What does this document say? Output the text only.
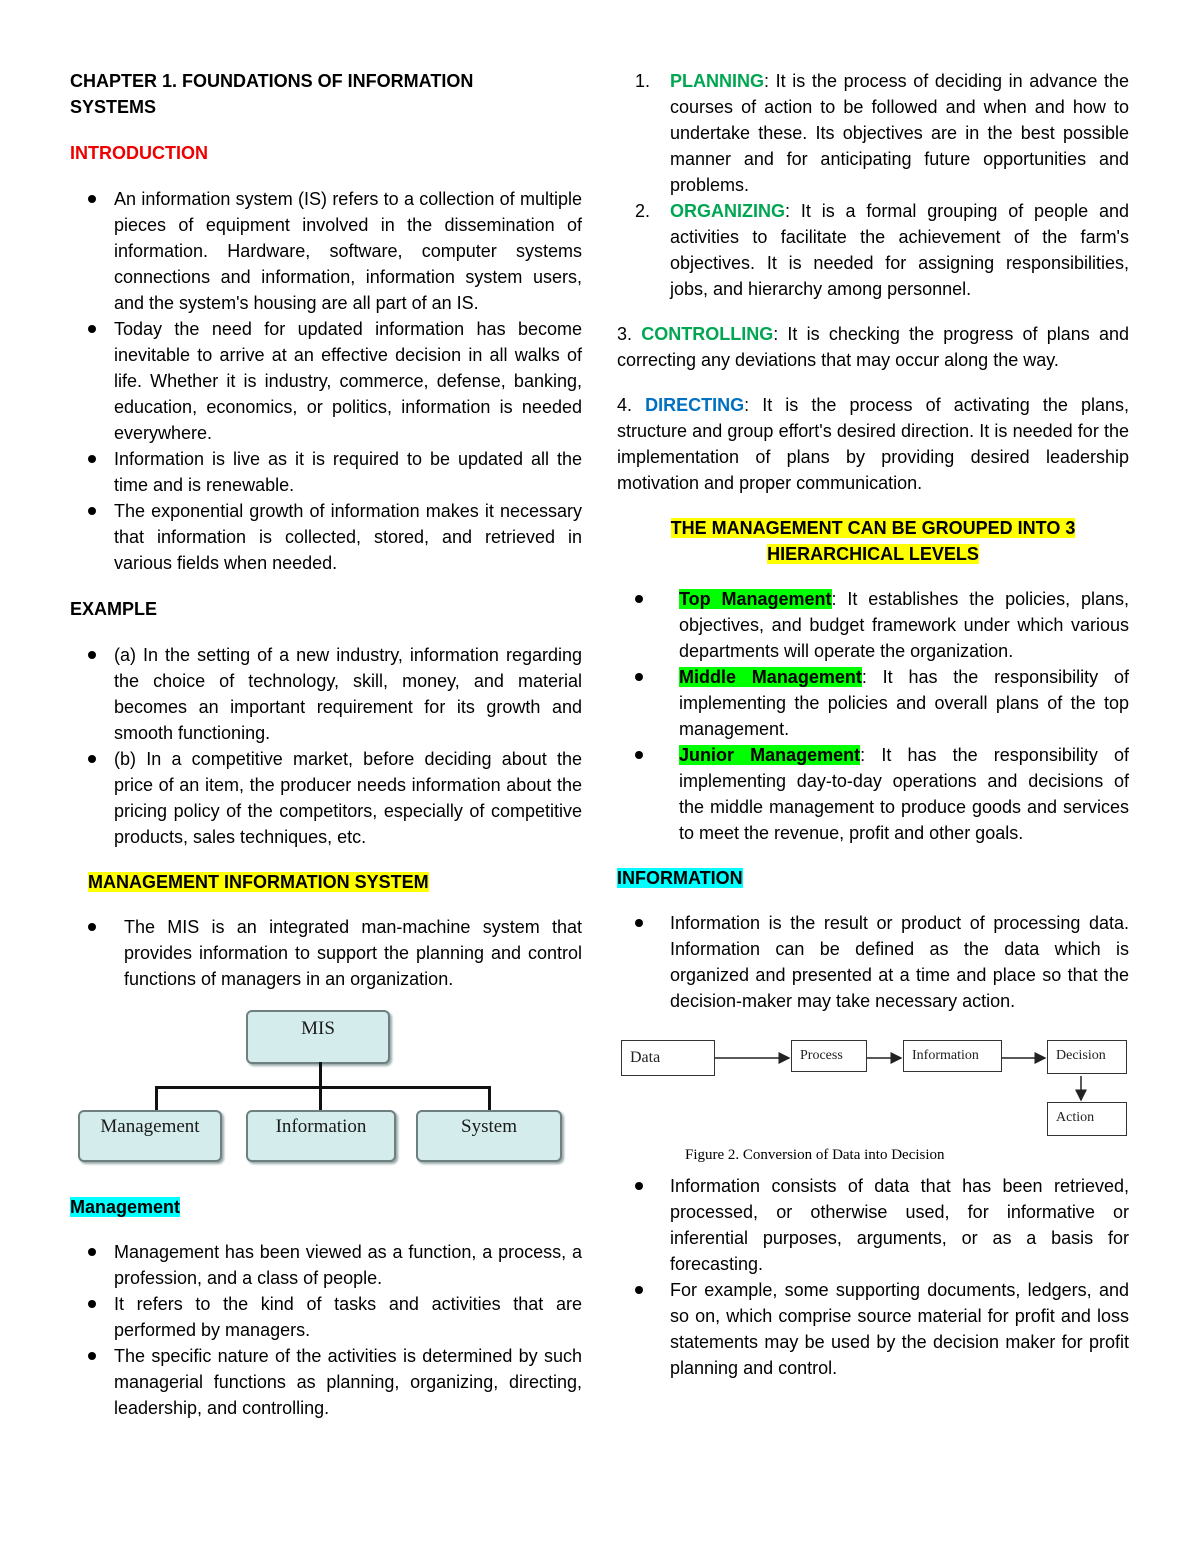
CHAPTER 1. FOUNDATIONS OF INFORMATION
SYSTEMS

INTRODUCTION

An information system (IS) refers to a collection of multiple pieces of equipment involved in the dissemination of information. Hardware, software, computer systems connections and information, information system users, and the system's housing are all part of an IS.
Today the need for updated information has become inevitable to arrive at an effective decision in all walks of life. Whether it is industry, commerce, defense, banking, education, economics, or politics, information is needed everywhere.
Information is live as it is required to be updated all the time and is renewable.
The exponential growth of information makes it necessary that information is collected, stored, and retrieved in various fields when needed.

EXAMPLE

(a) In the setting of a new industry, information regarding the choice of technology, skill, money, and material becomes an important requirement for its growth and smooth functioning.
(b) In a competitive market, before deciding about the price of an item, the producer needs information about the pricing policy of the competitors, especially of competitive products, sales techniques, etc.

MANAGEMENT INFORMATION SYSTEM

The MIS is an integrated man-machine system that provides information to support the planning and control functions of managers in an organization.

MIS
Management	Information	System

Management

Management has been viewed as a function, a process, a profession, and a class of people.
It refers to the kind of tasks and activities that are performed by managers.
The specific nature of the activities is determined by such managerial functions as planning, organizing, directing, leadership, and controlling.
1. PLANNING: It is the process of deciding in advance the courses of action to be followed and when and how to undertake these. Its objectives are in the best possible manner and for anticipating future opportunities and problems.
2. ORGANIZING: It is a formal grouping of people and activities to facilitate the achievement of the farm's objectives. It is needed for assigning responsibilities, jobs, and hierarchy among personnel.

3. CONTROLLING: It is checking the progress of plans and correcting any deviations that may occur along the way.

4. DIRECTING: It is the process of activating the plans, structure and group effort's desired direction. It is needed for the implementation of plans by providing desired leadership motivation and proper communication.

THE MANAGEMENT CAN BE GROUPED INTO 3
HIERARCHICAL LEVELS

Top Management: It establishes the policies, plans, objectives, and budget framework under which various departments will operate the organization.
Middle Management: It has the responsibility of implementing the policies and overall plans of the top management.
Junior Management: It has the responsibility of implementing day-to-day operations and decisions of the middle management to produce goods and services to meet the revenue, profit and other goals.

INFORMATION

Information is the result or product of processing data. Information can be defined as the data which is organized and presented at a time and place so that the decision-maker may take necessary action.

Data	Process	Information	Decision
Action
Figure 2. Conversion of Data into Decision

Information consists of data that has been retrieved, processed, or otherwise used, for informative or inferential purposes, arguments, or as a basis for forecasting.
For example, some supporting documents, ledgers, and so on, which comprise source material for profit and loss statements may be used by the decision maker for profit planning and control.
